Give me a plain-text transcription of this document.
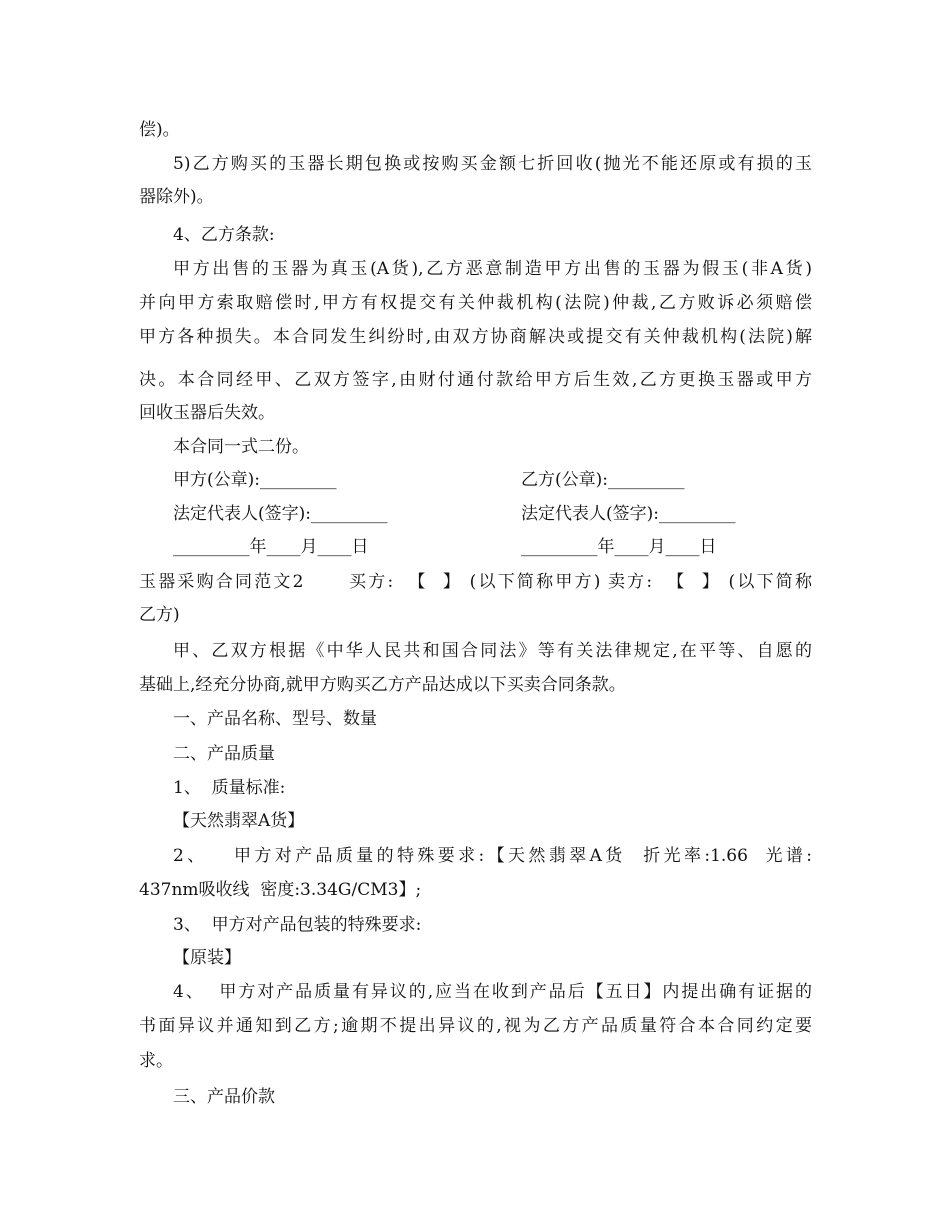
偿)。
5)乙方购买的玉器长期包换或按购买金额七折回收(抛光不能还原或有损的玉
器除外)。
4、乙方条款:
甲方出售的玉器为真玉(A货),乙方恶意制造甲方出售的玉器为假玉(非A货)
并向甲方索取赔偿时,甲方有权提交有关仲裁机构(法院)仲裁,乙方败诉必须赔偿
甲方各种损失。本合同发生纠纷时,由双方协商解决或提交有关仲裁机构(法院)解
决。本合同经甲、乙双方签字,由财付通付款给甲方后生效,乙方更换玉器或甲方
回收玉器后失效。
本合同一式二份。
甲方(公章):_________	乙方(公章):_________
法定代表人(签字):_________	法定代表人(签字):_________
_________年____月____日	_________年____月____日
玉器采购合同范文2      买方:  【  】 (以下简称甲方) 卖方:  【  】 (以下简称
乙方)
甲、乙双方根据《中华人民共和国合同法》等有关法律规定,在平等、自愿的
基础上,经充分协商,就甲方购买乙方产品达成以下买卖合同条款。
一、产品名称、型号、数量
二、产品质量
1、  质量标准:
【天然翡翠A货】
2、   甲方对产品质量的特殊要求:【天然翡翠A货  折光率:1.66  光谱:
437nm吸收线  密度:3.34G/CM3】;
3、  甲方对产品包装的特殊要求:
【原装】
4、  甲方对产品质量有异议的,应当在收到产品后【五日】内提出确有证据的
书面异议并通知到乙方;逾期不提出异议的,视为乙方产品质量符合本合同约定要
求。
三、产品价款
